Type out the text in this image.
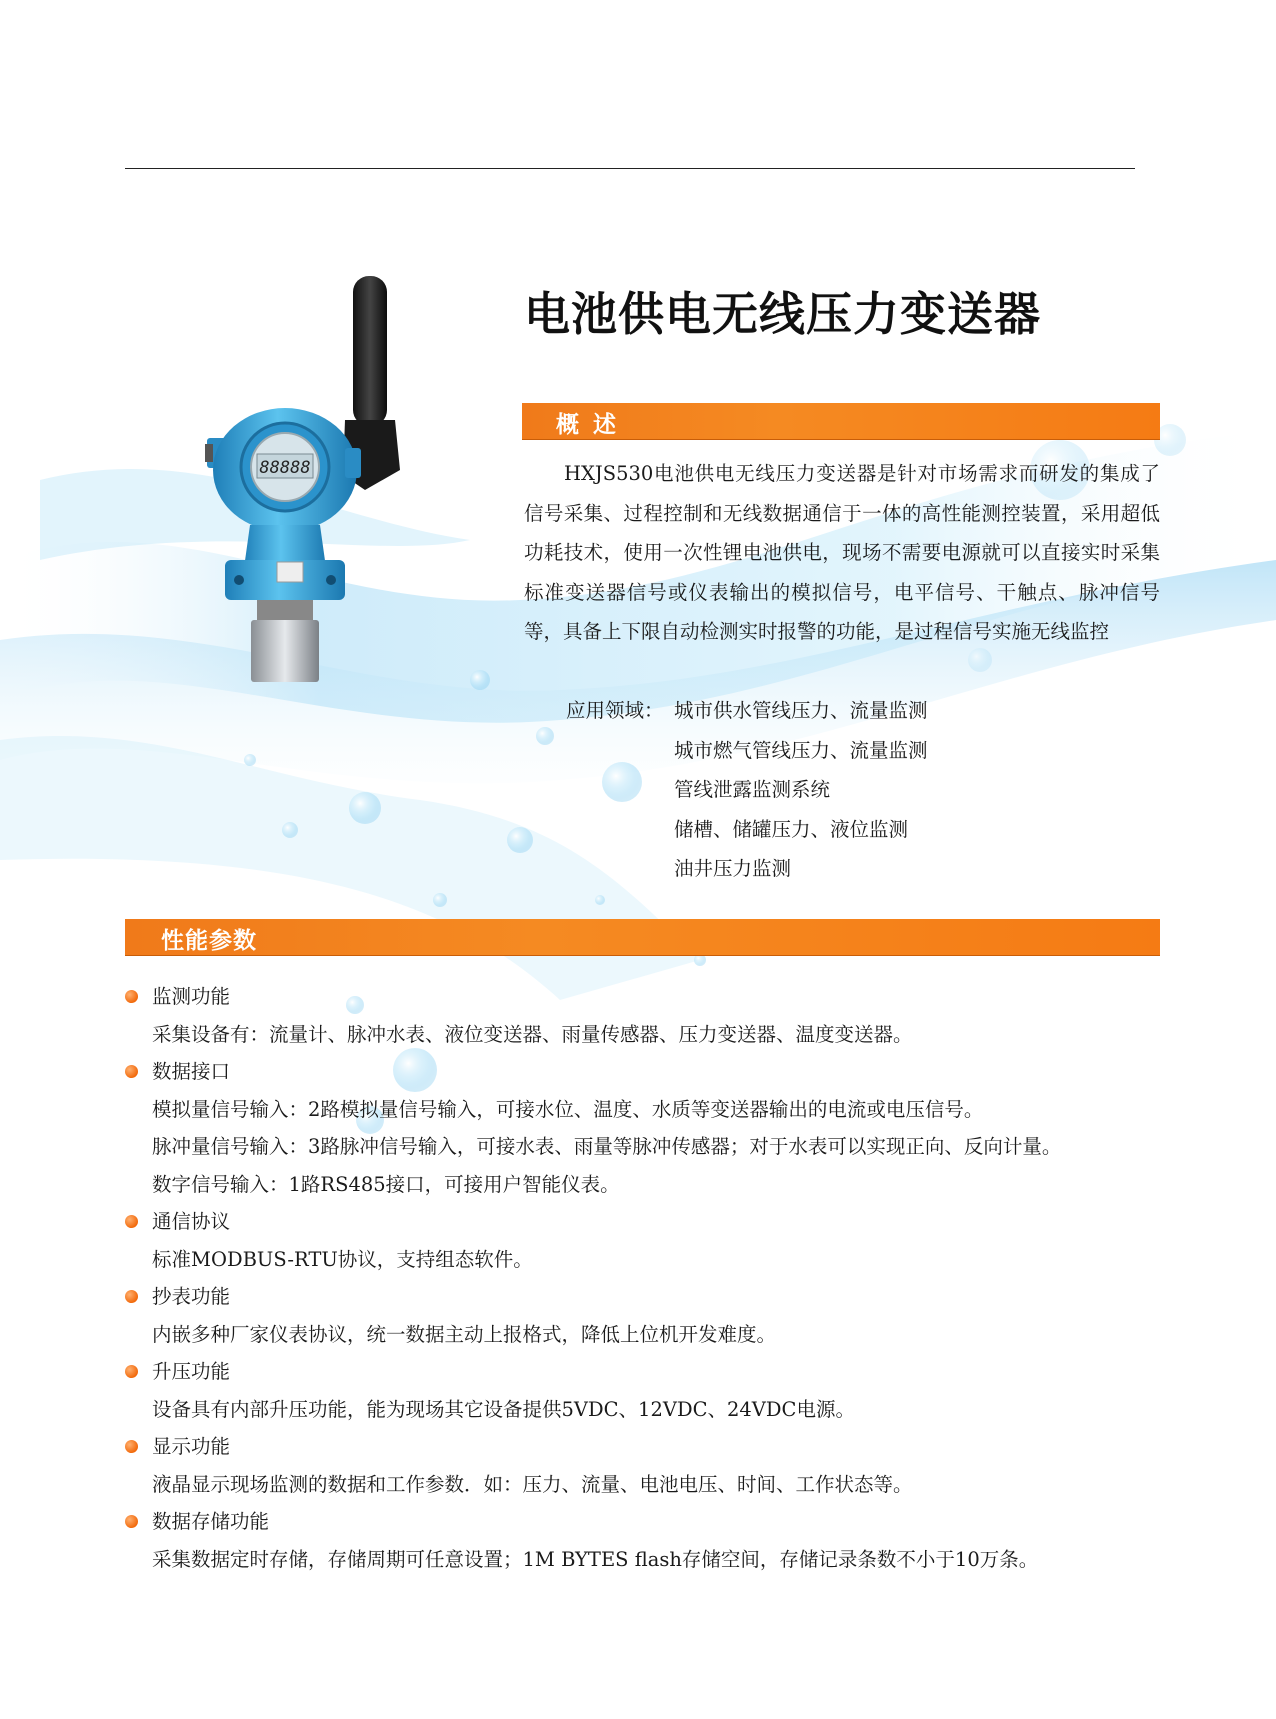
88888
电池供电无线压力变送器
概述

HXJS530电池供电无线压力变送器是针对市场需求而研发的集成了信号采集、过程控制和无线数据通信于一体的高性能测控装置，采用超低功耗技术，使用一次性锂电池供电，现场不需要电源就可以直接实时采集标准变送器信号或仪表输出的模拟信号，电平信号、干触点、脉冲信号等，具备上下限自动检测实时报警的功能，是过程信号实施无线监控

应用领域： 城市供水管线压力、流量监测
城市燃气管线压力、流量监测
管线泄露监测系统
储槽、储罐压力、液位监测
油井压力监测
性能参数
监测功能
采集设备有：流量计、脉冲水表、液位变送器、雨量传感器、压力变送器、温度变送器。
数据接口
模拟量信号输入：2路模拟量信号输入，可接水位、温度、水质等变送器输出的电流或电压信号。
脉冲量信号输入：3路脉冲信号输入，可接水表、雨量等脉冲传感器；对于水表可以实现正向、反向计量。
数字信号输入：1路RS485接口，可接用户智能仪表。
通信协议
标准MODBUS-RTU协议，支持组态软件。
抄表功能
内嵌多种厂家仪表协议，统一数据主动上报格式，降低上位机开发难度。
升压功能
设备具有内部升压功能，能为现场其它设备提供5VDC、12VDC、24VDC电源。
显示功能
液晶显示现场监测的数据和工作参数．如：压力、流量、电池电压、时间、工作状态等。
数据存储功能
采集数据定时存储，存储周期可任意设置；1M BYTES flash存储空间，存储记录条数不小于10万条。
